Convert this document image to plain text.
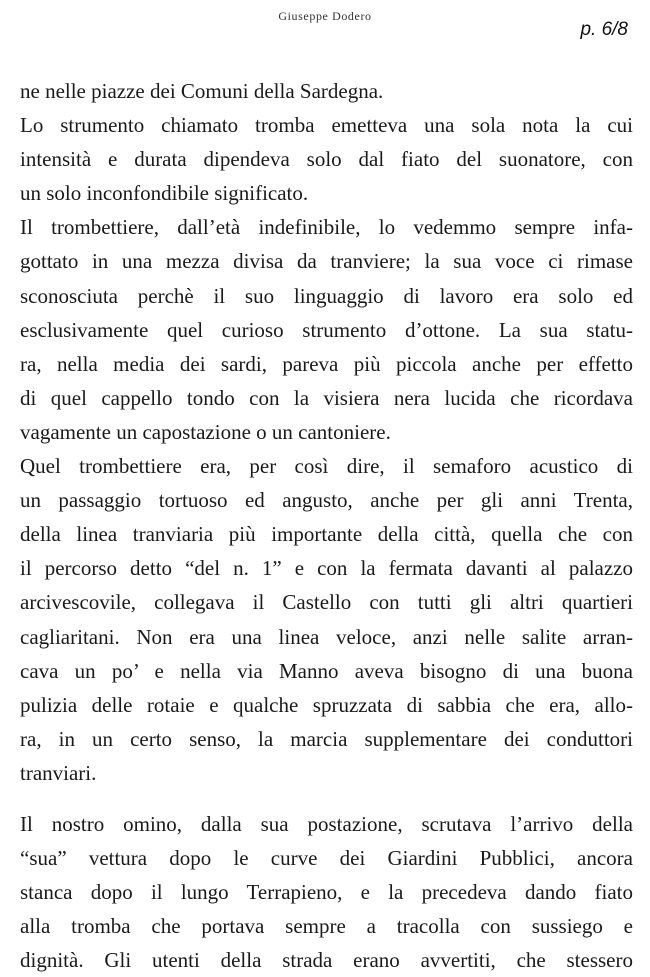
Giuseppe Dodero
p. 6/8
ne nelle piazze dei Comuni della Sardegna.
Lo strumento chiamato tromba emetteva una sola nota la cui
intensità e durata dipendeva solo dal fiato del suonatore, con
un solo inconfondibile significato.
Il trombettiere, dall’età indefinibile, lo vedemmo sempre infa-
gottato in una mezza divisa da tranviere; la sua voce ci rimase
sconosciuta perchè il suo linguaggio di lavoro era solo ed
esclusivamente quel curioso strumento d’ottone. La sua statu-
ra, nella media dei sardi, pareva più piccola anche per effetto
di quel cappello tondo con la visiera nera lucida che ricordava
vagamente un capostazione o un cantoniere.
Quel trombettiere era, per così dire, il semaforo acustico di
un passaggio tortuoso ed angusto, anche per gli anni Trenta,
della linea tranviaria più importante della città, quella che con
il percorso detto “del n. 1” e con la fermata davanti al palazzo
arcivescovile, collegava il Castello con tutti gli altri quartieri
cagliaritani. Non era una linea veloce, anzi nelle salite arran-
cava un po’ e nella via Manno aveva bisogno di una buona
pulizia delle rotaie e qualche spruzzata di sabbia che era, allo-
ra, in un certo senso, la marcia supplementare dei conduttori
tranviari.
Il nostro omino, dalla sua postazione, scrutava l’arrivo della
“sua” vettura dopo le curve dei Giardini Pubblici, ancora
stanca dopo il lungo Terrapieno, e la precedeva dando fiato
alla tromba che portava sempre a tracolla con sussiego e
dignità. Gli utenti della strada erano avvertiti, che stessero
